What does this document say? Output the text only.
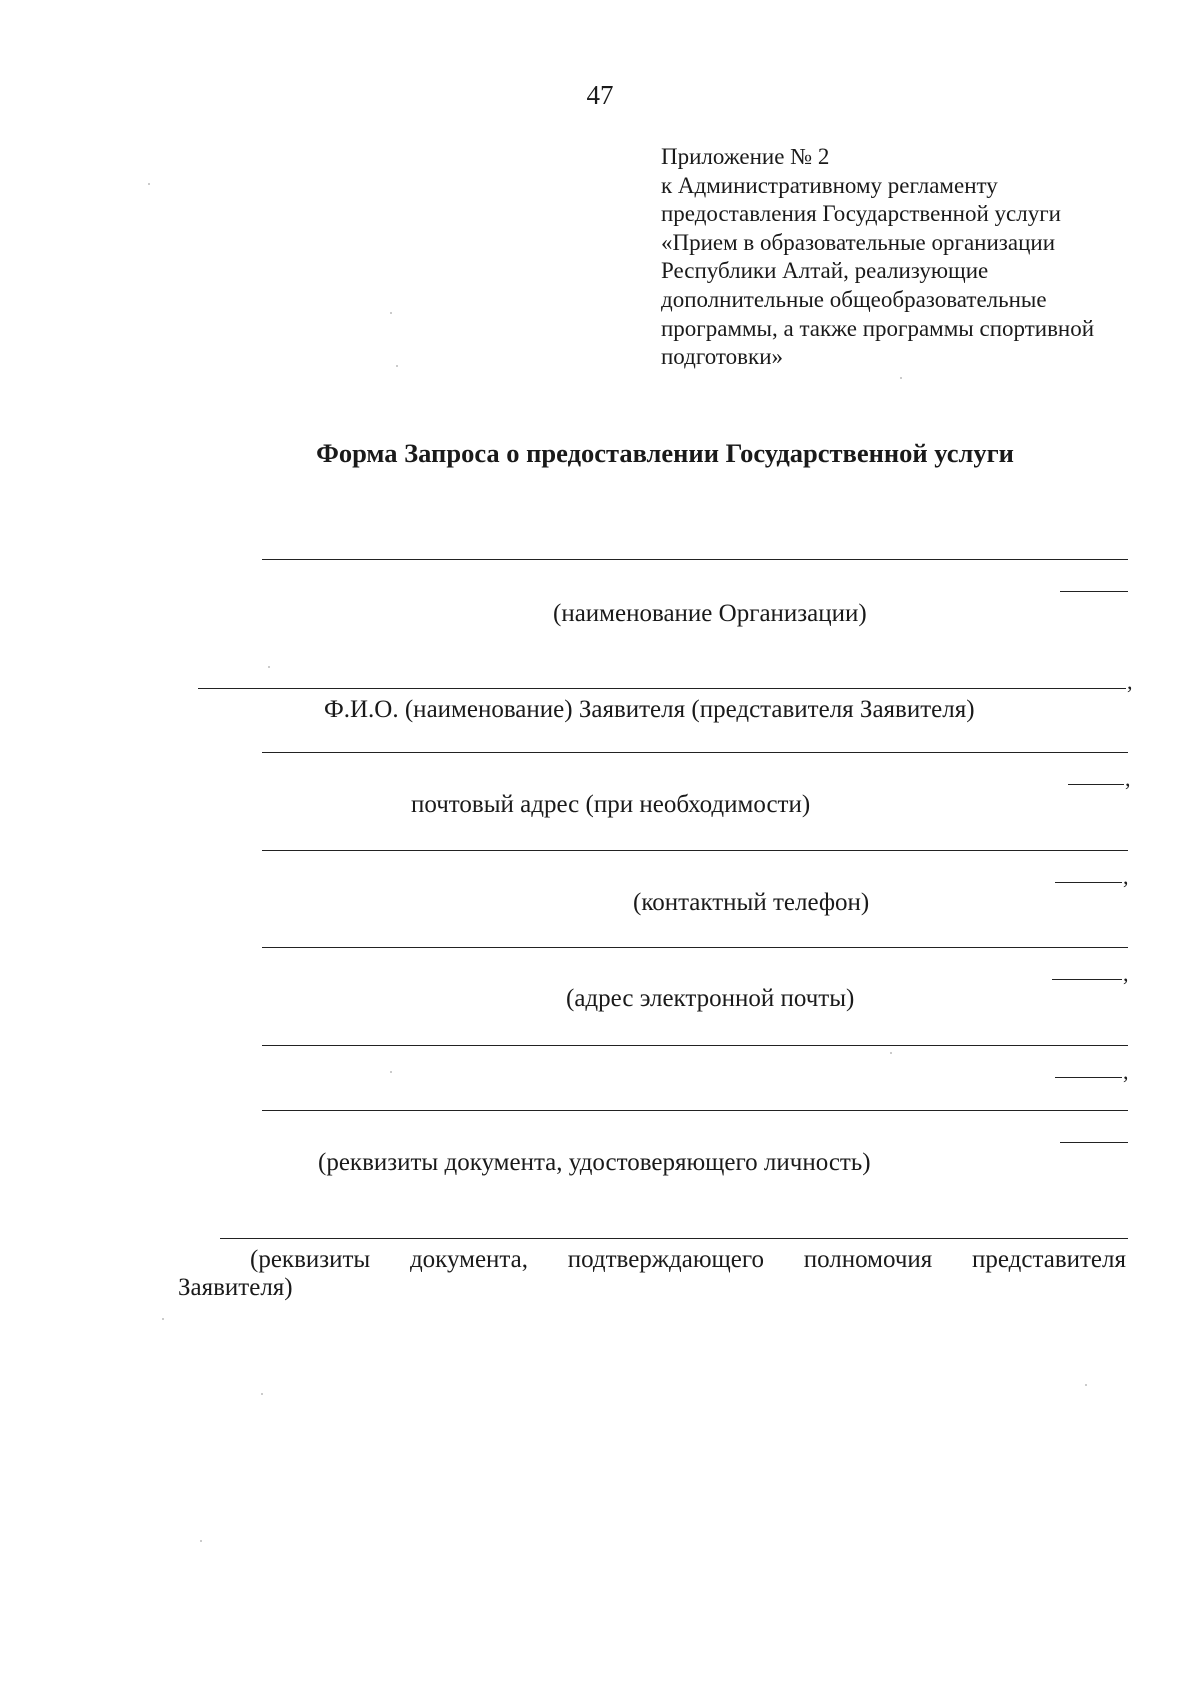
47
Приложение № 2
к Административному регламенту
предоставления Государственной услуги
«Прием в образовательные организации
Республики Алтай, реализующие
дополнительные общеобразовательные
программы, а также программы спортивной
подготовки»
Форма Запроса о предоставлении Государственной услуги
(наименование Организации)
,
Ф.И.О. (наименование) Заявителя (представителя Заявителя)
,
почтовый адрес (при необходимости)
,
(контактный телефон)
,
(адрес электронной почты)
,
(реквизиты документа, удостоверяющего личность)
(реквизиты документа, подтверждающего полномочия представителя
Заявителя)
